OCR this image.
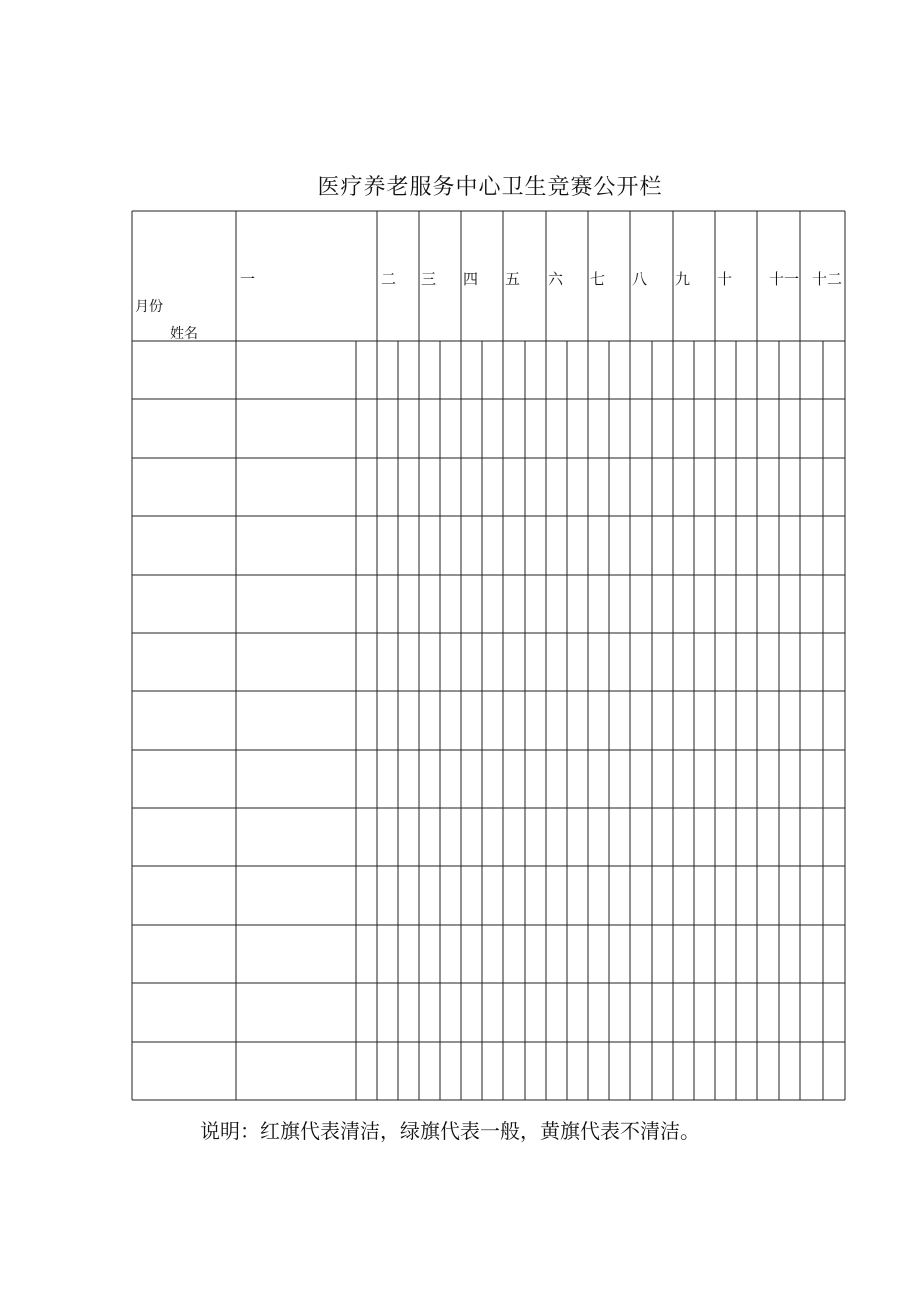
医疗养老服务中心卫生竞赛公开栏
一	二 三 四 五 六 七 八 九 十 十一 十二
月份
姓名
说明：红旗代表清洁，绿旗代表一般，黄旗代表不清洁。
